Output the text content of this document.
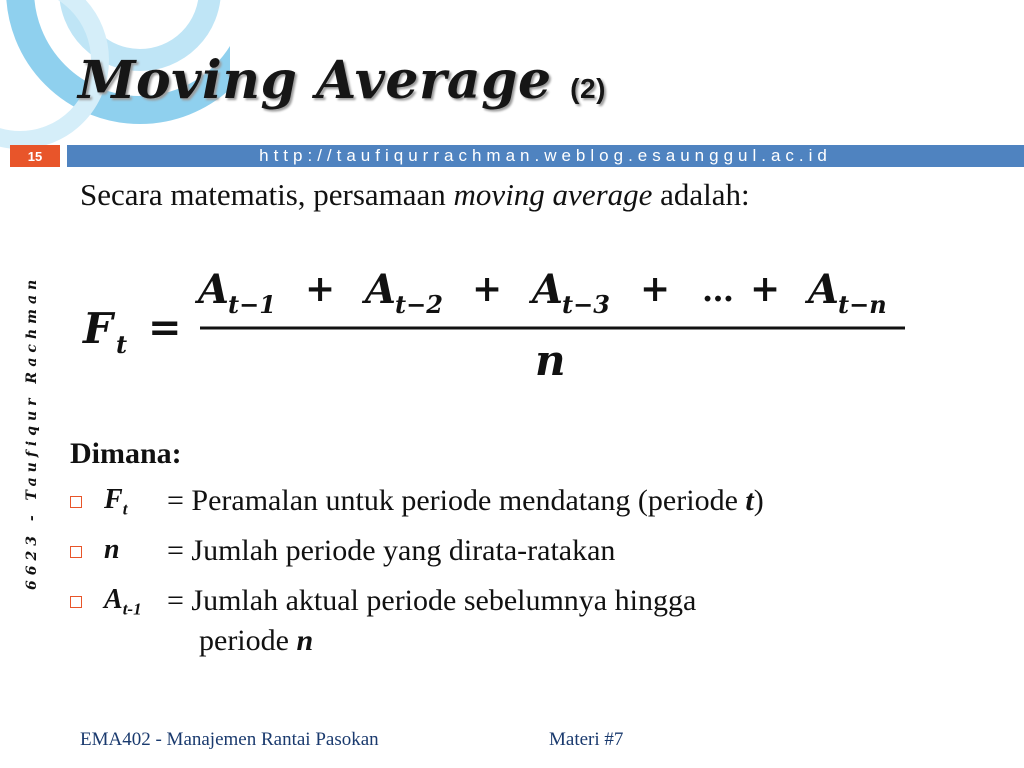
Moving Average (2)
15	http://taufiqurrachman.weblog.esaunggul.ac.id
6623 - Taufiqur Rachman

Secara matematis, persamaan moving average adalah:

F t =
A
t−1 + A
t−2 + A
t−3 + … + A
t−n
n

Dimana:

$F_t$ = Peramalan untuk periode mendatang (periode t)
n = Jumlah periode yang dirata-ratakan
$A_{t-1}$ = Jumlah aktual periode sebelumnya hingga
periode n
EMA402 - Manajemen Rantai Pasokan	Materi #7
